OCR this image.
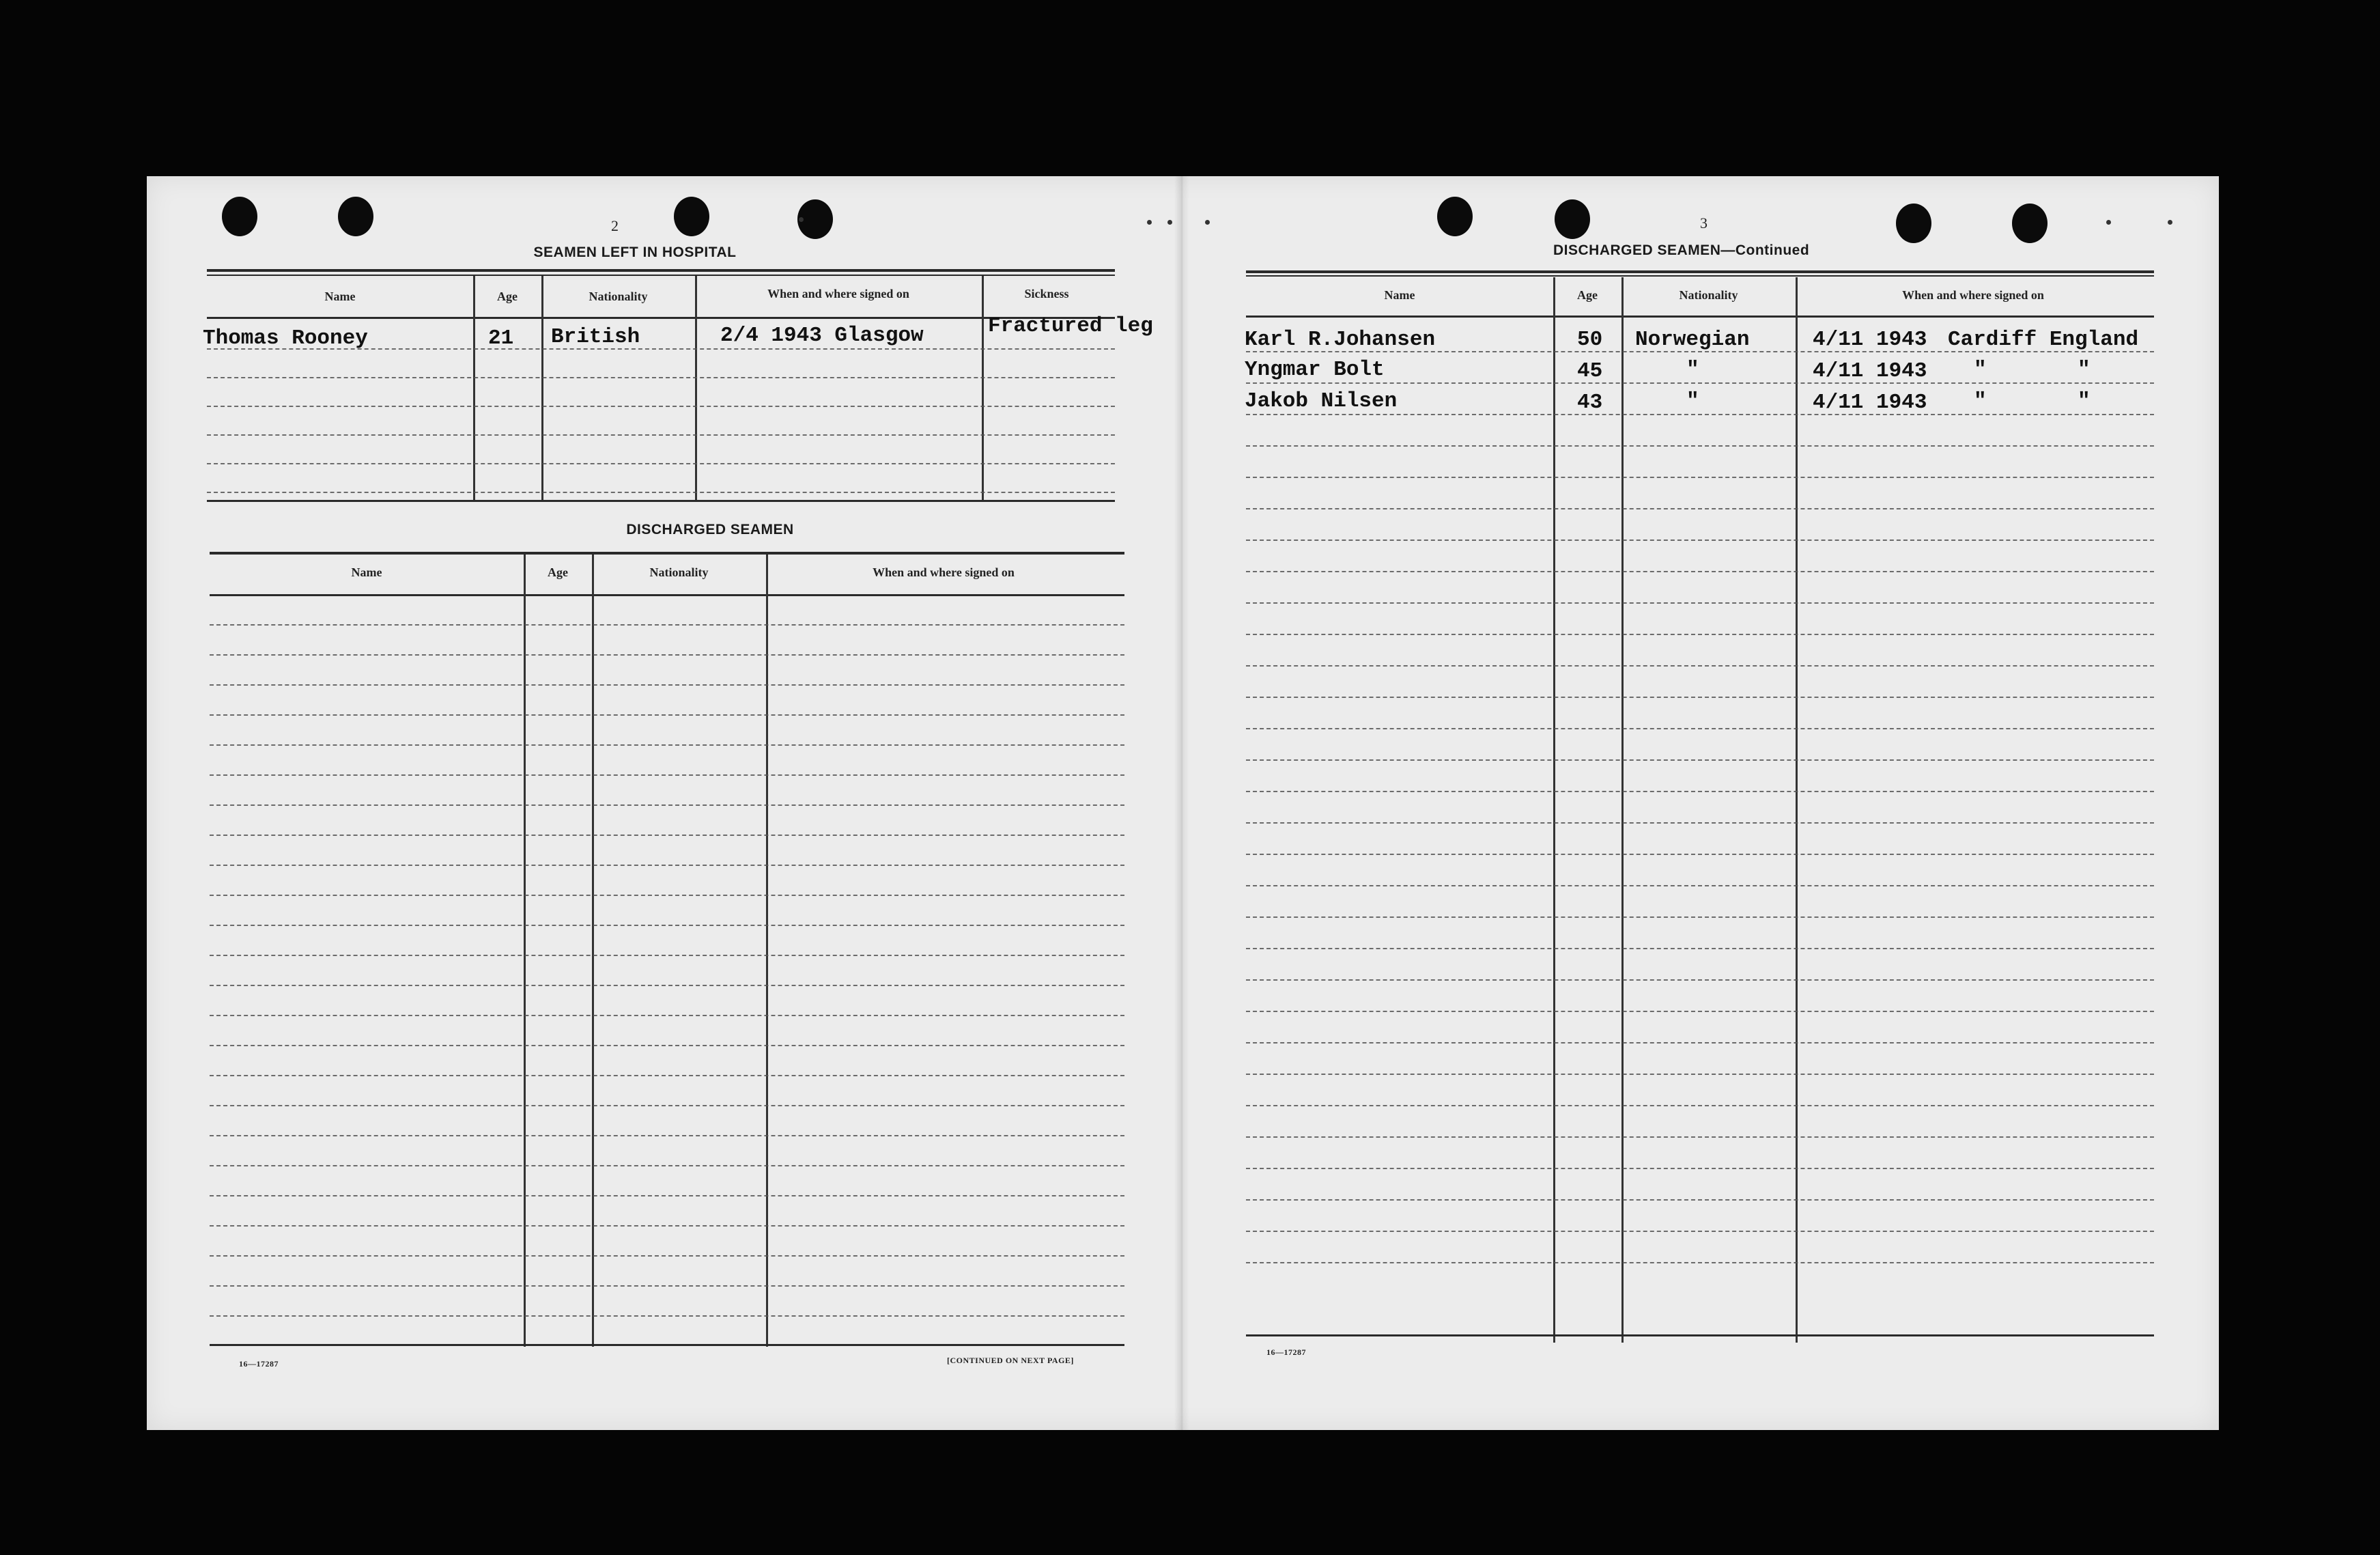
2
SEAMEN LEFT IN HOSPITAL
Name	Age	Nationality	When and where signed on	Sickness
Thomas Rooney	21 British	2/4 1943 Glasgow	Fractured leg
DISCHARGED SEAMEN
Name	Age	Nationality	When and where signed on
16—17287	[CONTINUED ON NEXT PAGE]
3
DISCHARGED SEAMEN—Continued
Name	Age	Nationality	When and where signed on
Karl R.Johansen	50 Norwegian	4/11 1943 Cardiff England
Yngmar Bolt	45	"	4/11 1943 "	"
Jakob Nilsen	43	"	4/11 1943 "	"
16—17287
